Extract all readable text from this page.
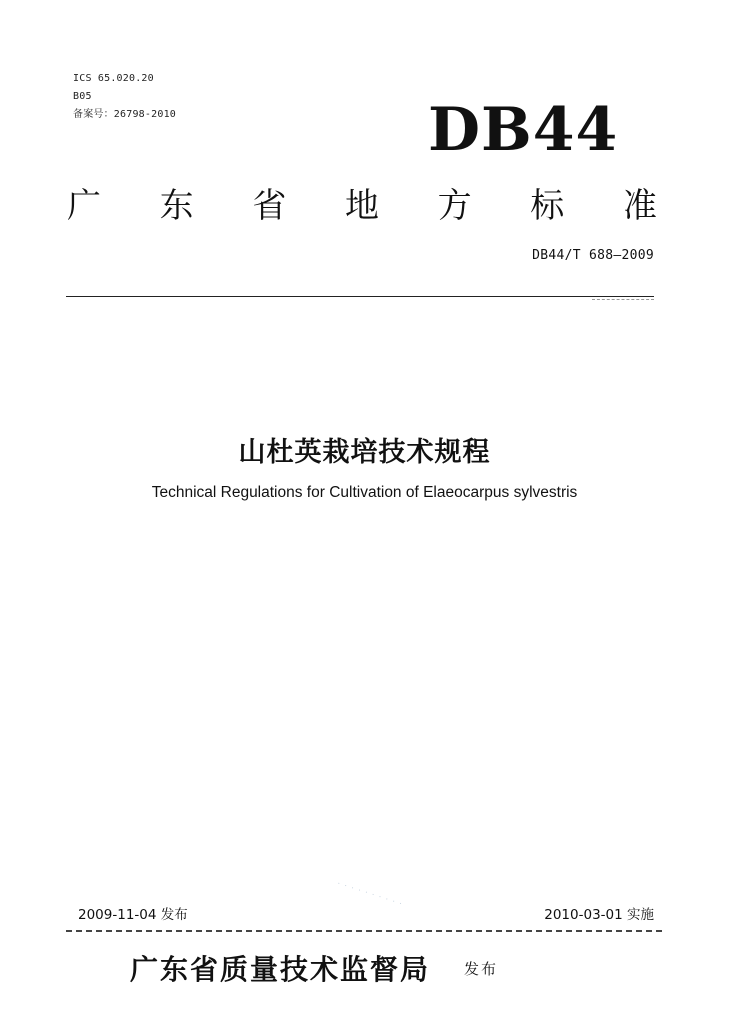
ICS 65.020.20
B05
备案号：26798-2010	DB44
广 东 省 地 方 标 准
DB44/T 688—2009
山杜英栽培技术规程
Technical Regulations for Cultivation of Elaeocarpus sylvestris
· · · · · · · · · ·
2009-11-04 发布	2010-03-01 实施
广东省质量技术监督局 发布
